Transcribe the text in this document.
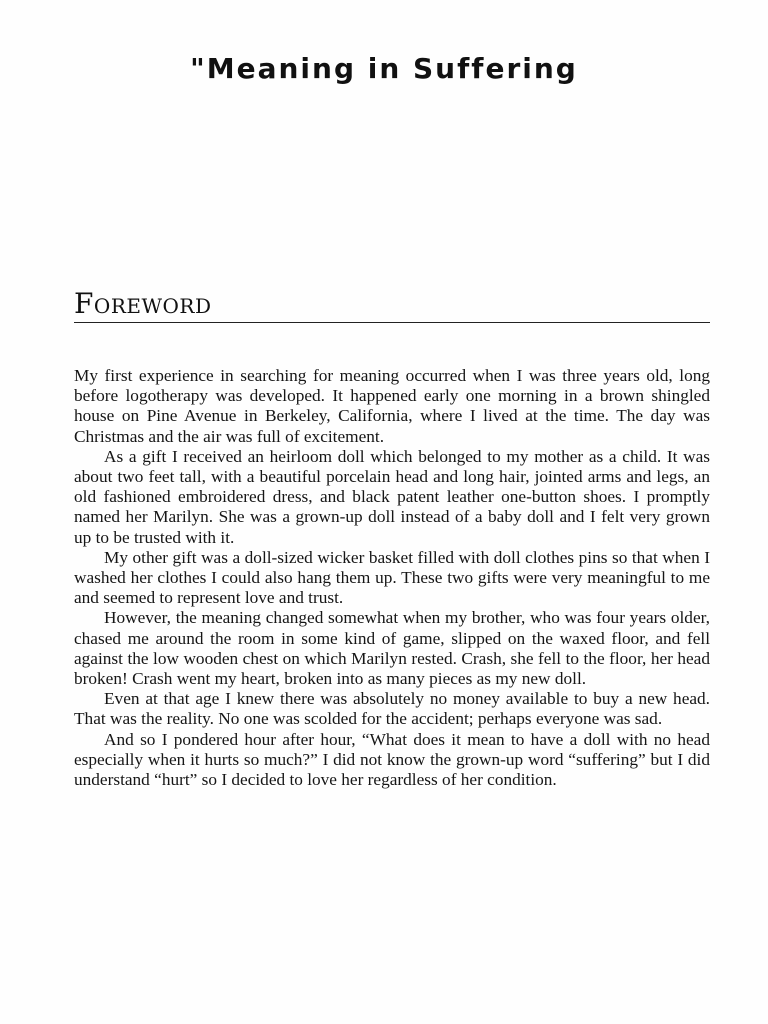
"Meaning in Suffering
Foreword

My first experience in searching for meaning occurred when I was three years old, long before logotherapy was developed. It happened early one morning in a brown shingled house on Pine Avenue in Berkeley, California, where I lived at the time. The day was Christmas and the air was full of excitement.

As a gift I received an heirloom doll which belonged to my mother as a child. It was about two feet tall, with a beautiful porcelain head and long hair, jointed arms and legs, an old fashioned embroidered dress, and black patent leather one-button shoes. I promptly named her Marilyn. She was a grown-up doll instead of a baby doll and I felt very grown up to be trusted with it.

My other gift was a doll-sized wicker basket filled with doll clothes pins so that when I washed her clothes I could also hang them up. These two gifts were very meaningful to me and seemed to represent love and trust.

However, the meaning changed somewhat when my brother, who was four years older, chased me around the room in some kind of game, slipped on the waxed floor, and fell against the low wooden chest on which Marilyn rested. Crash, she fell to the floor, her head broken! Crash went my heart, broken into as many pieces as my new doll.

Even at that age I knew there was absolutely no money available to buy a new head. That was the reality. No one was scolded for the accident; perhaps everyone was sad.

And so I pondered hour after hour, “What does it mean to have a doll with no head especially when it hurts so much?” I did not know the grown-up word “suffering” but I did understand “hurt” so I decided to love her regardless of her condition.
